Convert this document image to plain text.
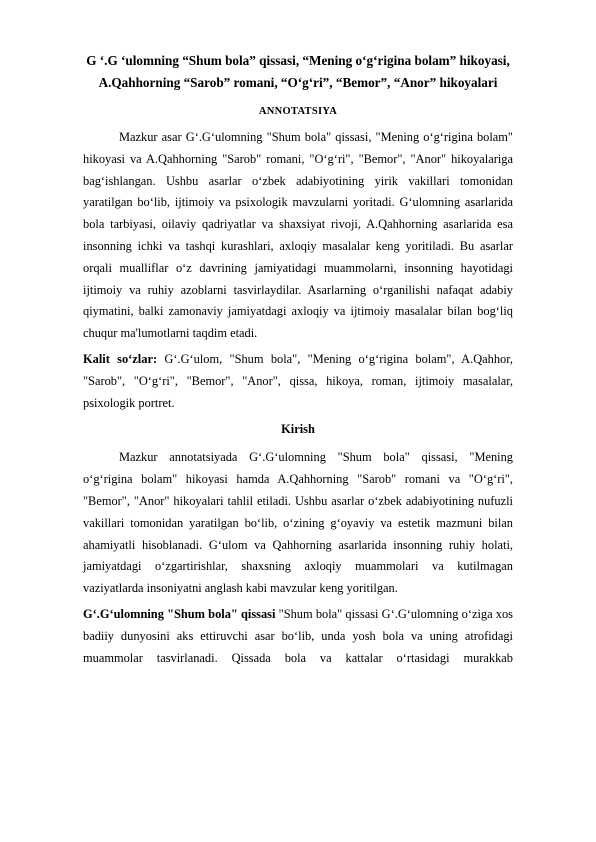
G ‘.G ‘ulomning “Shum bola” qissasi, “Mening o‘g‘rigina bolam” hikoyasi,

A.Qahhorning “Sarob” romani, “O‘g‘ri”, “Bemor”, “Anor” hikoyalari

ANNOTATSIYA

Mazkur asar G‘.G‘ulomning "Shum bola" qissasi, "Mening o‘g‘rigina bolam" hikoyasi va A.Qahhorning "Sarob" romani, "O‘g‘ri", "Bemor", "Anor" hikoyalariga bag‘ishlangan. Ushbu asarlar o‘zbek adabiyotining yirik vakillari tomonidan yaratilgan bo‘lib, ijtimoiy va psixologik mavzularni yoritadi. G‘ulomning asarlarida bola tarbiyasi, oilaviy qadriyatlar va shaxsiyat rivoji, A.Qahhorning asarlarida esa insonning ichki va tashqi kurashlari, axloqiy masalalar keng yoritiladi. Bu asarlar orqali mualliflar o‘z davrining jamiyatidagi muammolarni, insonning hayotidagi ijtimoiy va ruhiy azoblarni tasvirlaydilar. Asarlarning o‘rganilishi nafaqat adabiy qiymatini, balki zamonaviy jamiyatdagi axloqiy va ijtimoiy masalalar bilan bog‘liq chuqur ma'lumotlarni taqdim etadi.

Kalit so‘zlar: G‘.G‘ulom, "Shum bola", "Mening o‘g‘rigina bolam", A.Qahhor, "Sarob", "O‘g‘ri", "Bemor", "Anor", qissa, hikoya, roman, ijtimoiy masalalar, psixologik portret.

Kirish

Mazkur annotatsiyada G‘.G‘ulomning "Shum bola" qissasi, "Mening o‘g‘rigina bolam" hikoyasi hamda A.Qahhorning "Sarob" romani va "O‘g‘ri", "Bemor", "Anor" hikoyalari tahlil etiladi. Ushbu asarlar o‘zbek adabiyotining nufuzli vakillari tomonidan yaratilgan bo‘lib, o‘zining g‘oyaviy va estetik mazmuni bilan ahamiyatli hisoblanadi. G‘ulom va Qahhorning asarlarida insonning ruhiy holati, jamiyatdagi o‘zgartirishlar, shaxsning axloqiy muammolari va kutilmagan vaziyatlarda insoniyatni anglash kabi mavzular keng yoritilgan.

G‘.G‘ulomning "Shum bola" qissasi "Shum bola" qissasi G‘.G‘ulomning o‘ziga xos badiiy dunyosini aks ettiruvchi asar bo‘lib, unda yosh bola va uning atrofidagi muammolar tasvirlanadi. Qissada bola va kattalar o‘rtasidagi murakkab
